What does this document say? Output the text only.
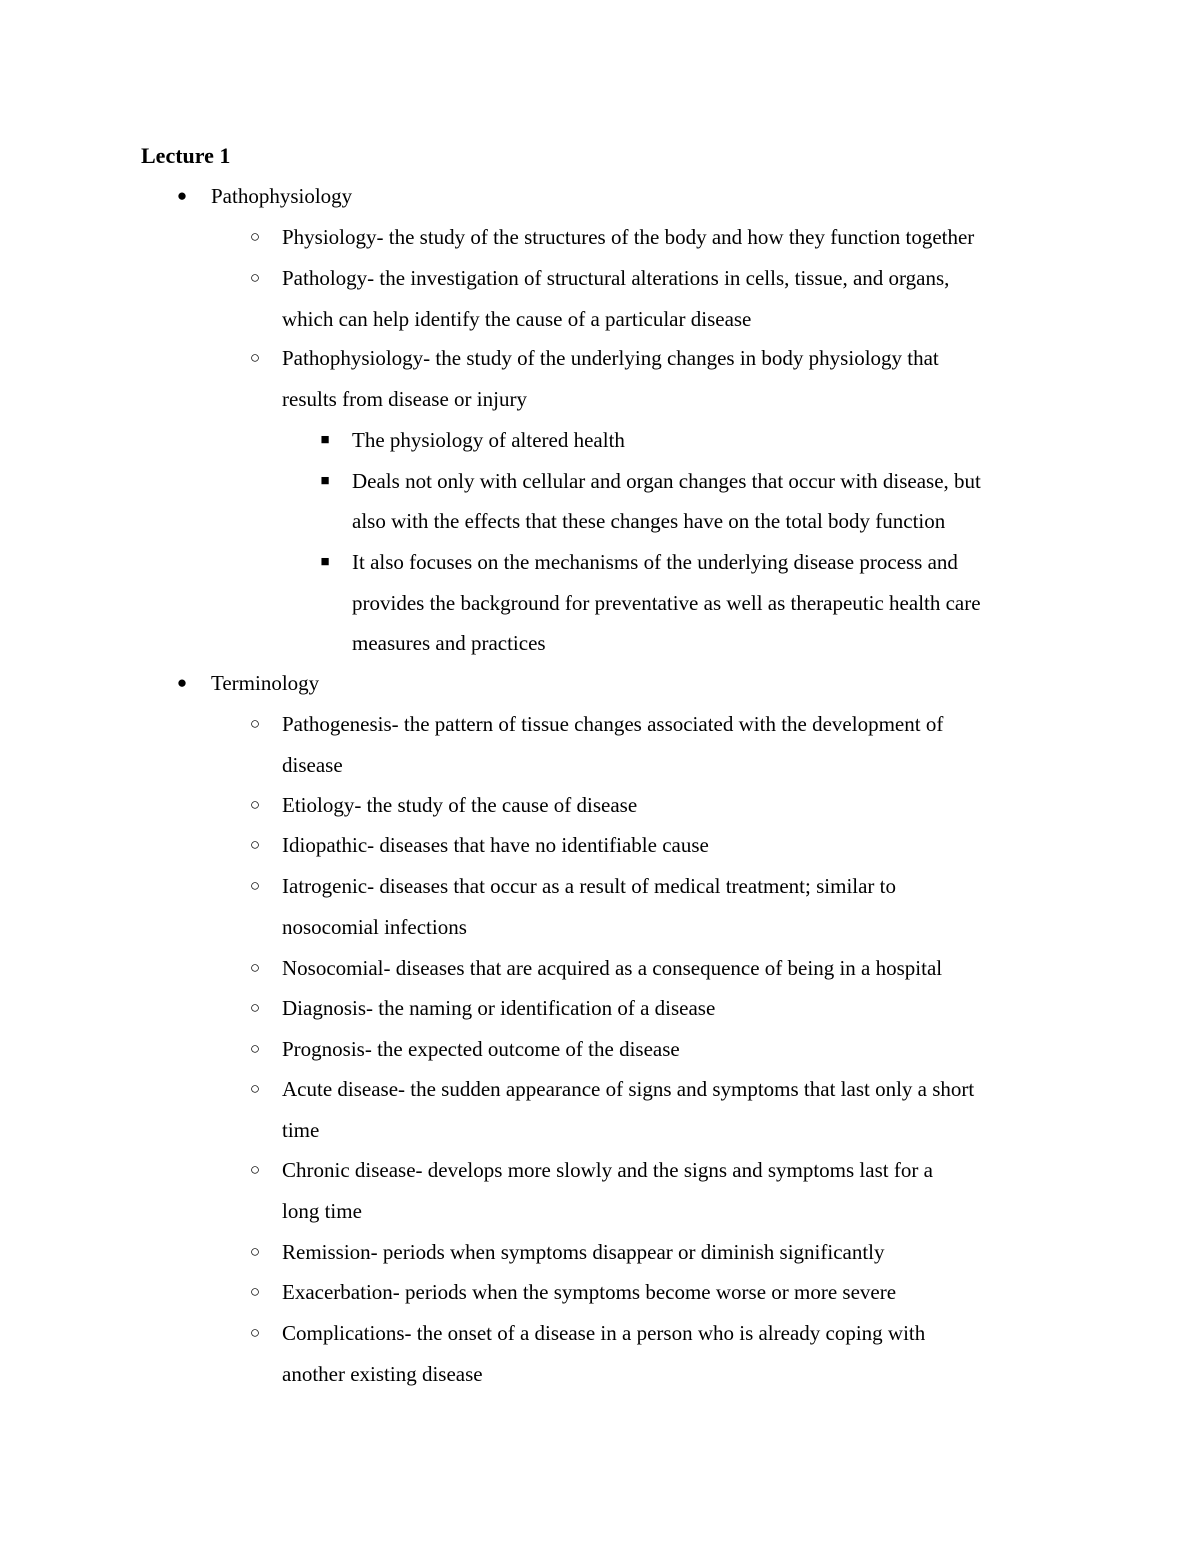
Lecture 1
● Pathophysiology
○ Physiology- the study of the structures of the body and how they function together
○ Pathology- the investigation of structural alterations in cells, tissue, and organs,
which can help identify the cause of a particular disease
○ Pathophysiology- the study of the underlying changes in body physiology that
results from disease or injury
■ The physiology of altered health
■ Deals not only with cellular and organ changes that occur with disease, but
also with the effects that these changes have on the total body function
■ It also focuses on the mechanisms of the underlying disease process and
provides the background for preventative as well as therapeutic health care
measures and practices
● Terminology
○ Pathogenesis- the pattern of tissue changes associated with the development of
disease
○ Etiology- the study of the cause of disease
○ Idiopathic- diseases that have no identifiable cause
○ Iatrogenic- diseases that occur as a result of medical treatment; similar to
nosocomial infections
○ Nosocomial- diseases that are acquired as a consequence of being in a hospital
○ Diagnosis- the naming or identification of a disease
○ Prognosis- the expected outcome of the disease
○ Acute disease- the sudden appearance of signs and symptoms that last only a short
time
○ Chronic disease- develops more slowly and the signs and symptoms last for a
long time
○ Remission- periods when symptoms disappear or diminish significantly
○ Exacerbation- periods when the symptoms become worse or more severe
○ Complications- the onset of a disease in a person who is already coping with
another existing disease
